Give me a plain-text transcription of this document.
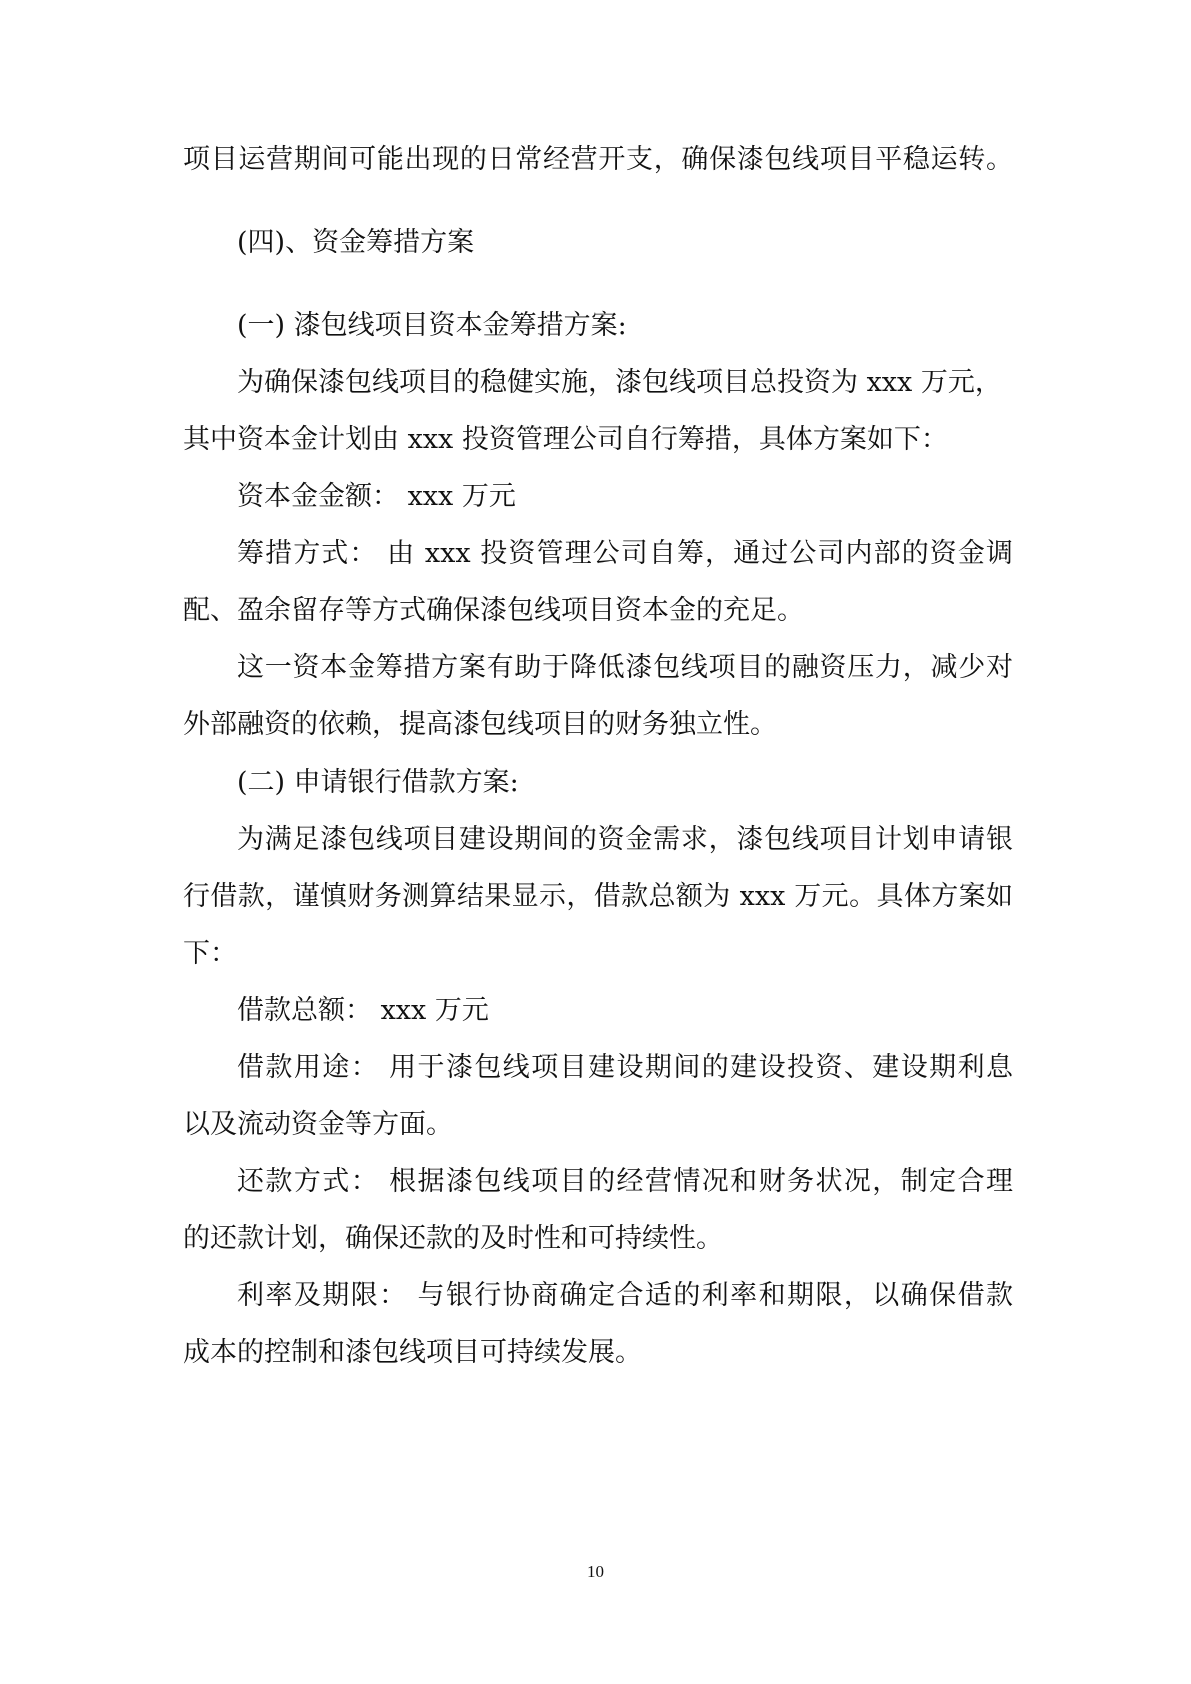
项目运营期间可能出现的日常经营开支，确保漆包线项目平稳运转。
(四)、资金筹措方案
(一) 漆包线项目资本金筹措方案:
为确保漆包线项目的稳健实施，漆包线项目总投资为 xxx 万元，
其中资本金计划由 xxx 投资管理公司自行筹措，具体方案如下：
资本金金额： xxx 万元
筹措方式： 由 xxx 投资管理公司自筹，通过公司内部的资金调
配、盈余留存等方式确保漆包线项目资本金的充足。
这一资本金筹措方案有助于降低漆包线项目的融资压力，减少对
外部融资的依赖，提高漆包线项目的财务独立性。
(二) 申请银行借款方案:
为满足漆包线项目建设期间的资金需求，漆包线项目计划申请银
行借款，谨慎财务测算结果显示，借款总额为 xxx 万元。具体方案如
下：
借款总额： xxx 万元
借款用途： 用于漆包线项目建设期间的建设投资、建设期利息
以及流动资金等方面。
还款方式： 根据漆包线项目的经营情况和财务状况，制定合理
的还款计划，确保还款的及时性和可持续性。
利率及期限： 与银行协商确定合适的利率和期限，以确保借款
成本的控制和漆包线项目可持续发展。
10
